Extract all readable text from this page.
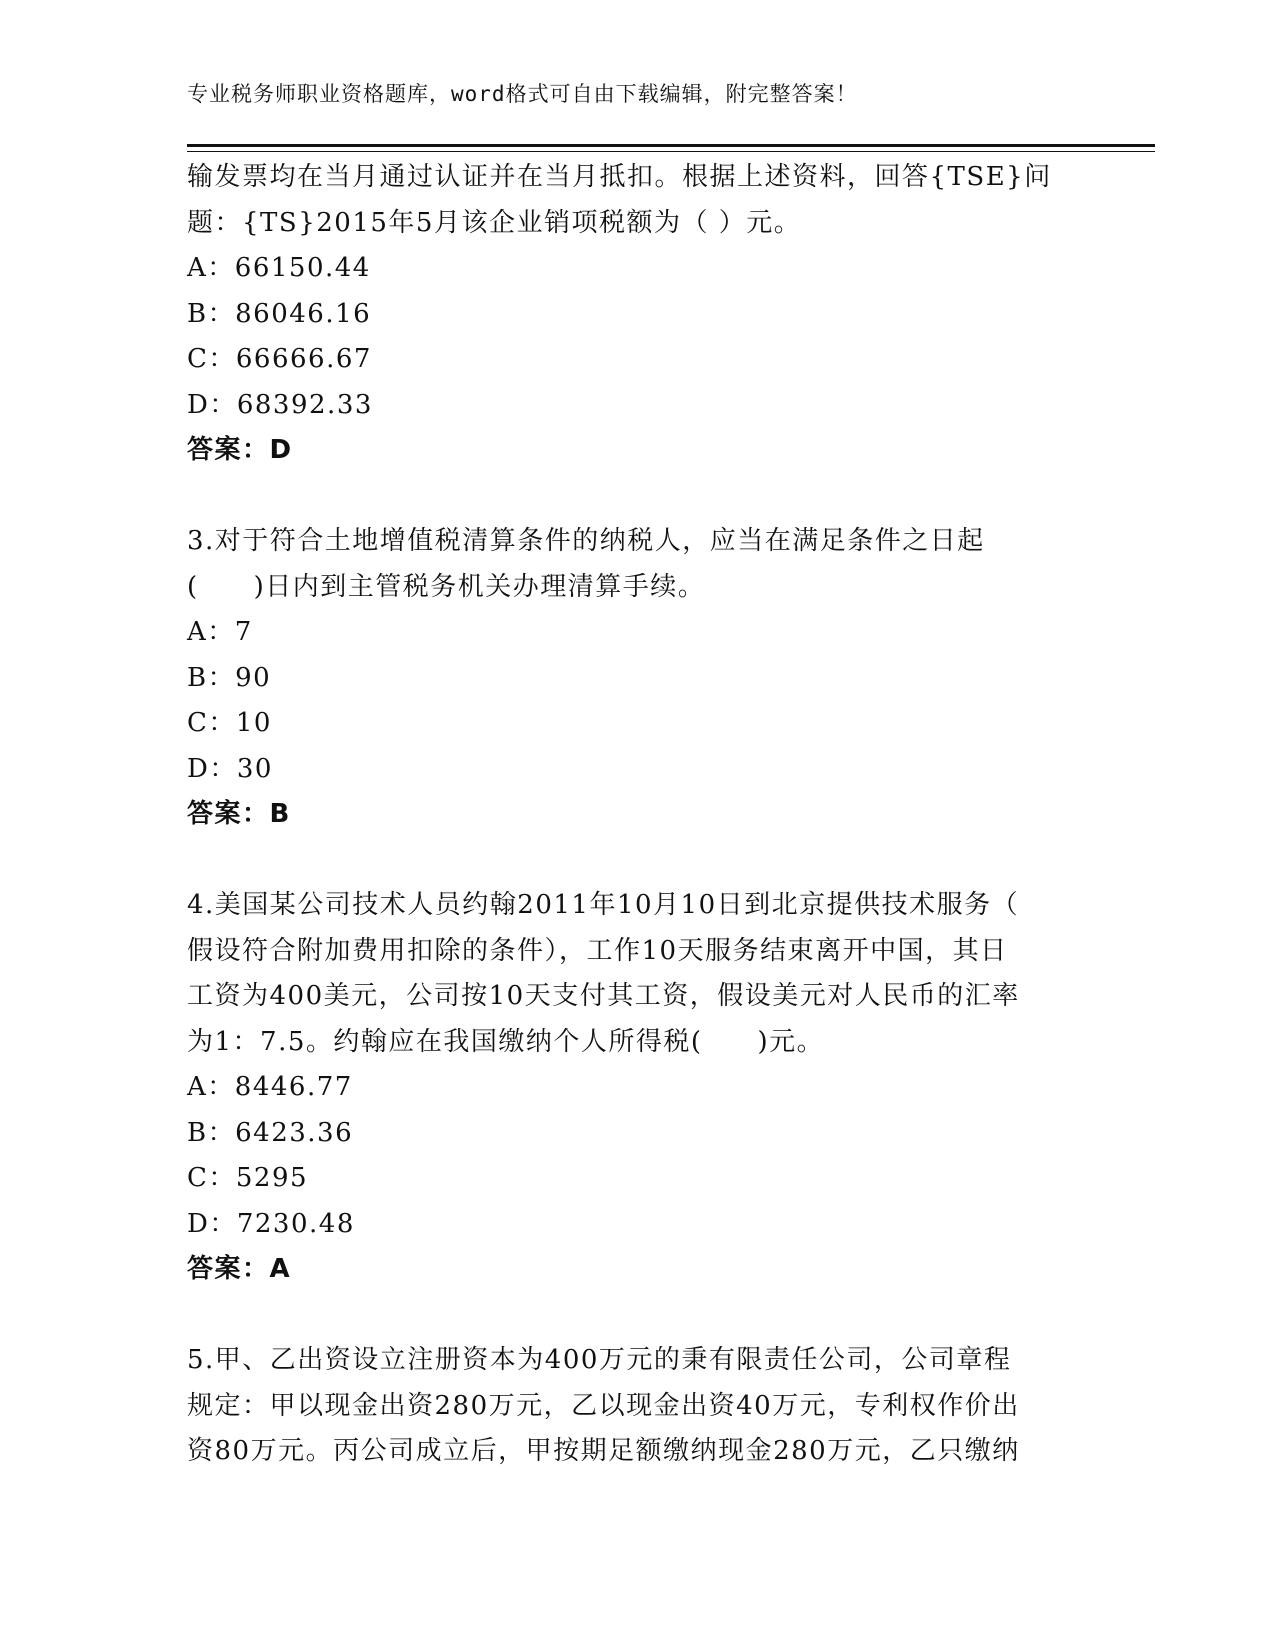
专业税务师职业资格题库，word格式可自由下载编辑，附完整答案！
输发票均在当月通过认证并在当月抵扣。根据上述资料，回答{TSE}问
题：{TS}2015年5月该企业销项税额为（ ）元。
A：66150.44
B：86046.16
C：66666.67
D：68392.33
答案：D
3.对于符合土地增值税清算条件的纳税人，应当在满足条件之日起
(　　)日内到主管税务机关办理清算手续。
A：7
B：90
C：10
D：30
答案：B
4.美国某公司技术人员约翰2011年10月10日到北京提供技术服务（
假设符合附加费用扣除的条件），工作10天服务结束离开中国，其日
工资为400美元，公司按10天支付其工资，假设美元对人民币的汇率
为1：7.5。约翰应在我国缴纳个人所得税(　　)元。
A：8446.77
B：6423.36
C：5295
D：7230.48
答案：A
5.甲、乙出资设立注册资本为400万元的秉有限责任公司，公司章程
规定：甲以现金出资280万元，乙以现金出资40万元，专利权作价出
资80万元。丙公司成立后，甲按期足额缴纳现金280万元，乙只缴纳
